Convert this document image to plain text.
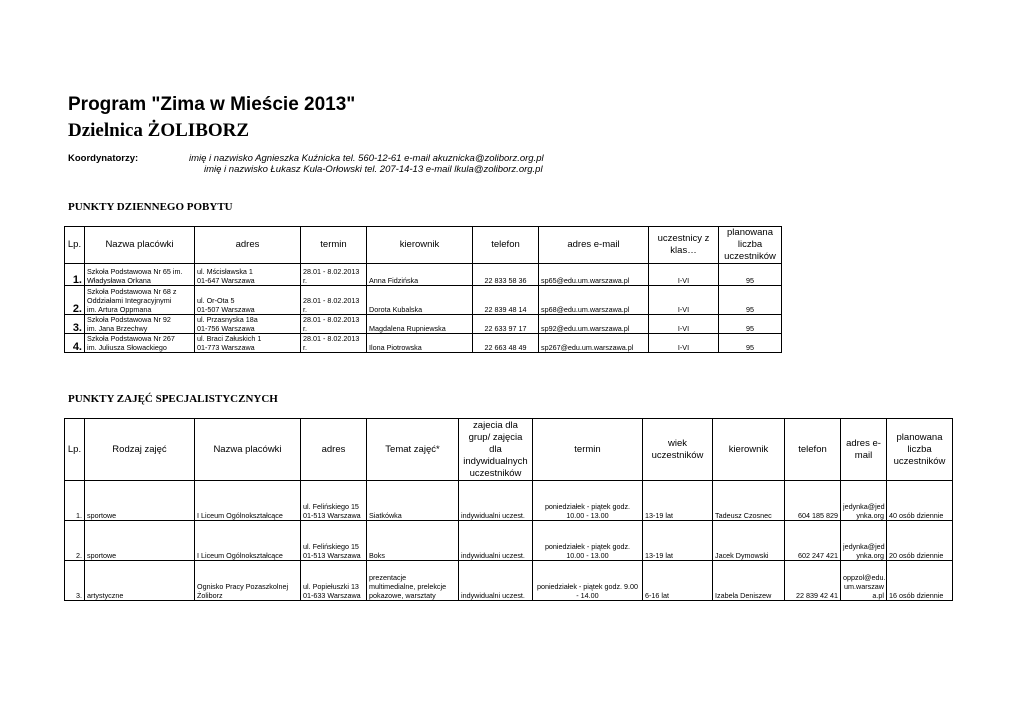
Program "Zima w Mieście 2013"
Dzielnica ŻOLIBORZ
Koordynatorzy:	imię i nazwisko Agnieszka Kuźnicka tel. 560-12-61 e-mail akuznicka@zoliborz.org.pl
imię i nazwisko Łukasz Kula-Orłowski tel. 207-14-13 e-mail lkula@zoliborz.org.pl
PUNKTY DZIENNEGO POBYTU
Lp.	Nazwa placówki	adres	termin	kierownik	telefon	adres e-mail	uczestnicy z klas…	planowana liczba uczestników
1.	Szkoła Podstawowa Nr 65 im.
Władysława Orkana	ul. Mścisławska 1
01-647 Warszawa	28.01 - 8.02.2013
r.	Anna Fidzińska	22 833 58 36	sp65@edu.um.warszawa.pl	I-VI	95
2.	Szkoła Podstawowa Nr 68 z
Oddziałami Integracyjnymi
im. Artura Oppmana	ul. Or-Ota 5
01-507 Warszawa	28.01 - 8.02.2013
r.	Dorota Kubalska	22 839 48 14	sp68@edu.um.warszawa.pl	I-VI	95
3.	Szkoła Podstawowa Nr 92
im. Jana Brzechwy	ul. Przasnyska 18a
01-756 Warszawa	28.01 - 8.02.2013
r.	Magdalena Rupniewska	22 633 97 17	sp92@edu.um.warszawa.pl	I-VI	95
4.	Szkoła Podstawowa Nr 267
im. Juliusza Słowackiego	ul. Braci Załuskich 1
01-773 Warszawa	28.01 - 8.02.2013
r.	Ilona Piotrowska	22 663 48 49	sp267@edu.um.warszawa.pl	I-VI	95
PUNKTY ZAJĘĆ SPECJALISTYCZNYCH
Lp.	Rodzaj zajęć	Nazwa placówki	adres	Temat zajęć*	zajecia dla grup/ zajęcia dla indywidualnych uczestników	termin	wiek uczestników	kierownik	telefon	adres e-mail	planowana liczba uczestników
1.	sportowe	I Liceum Ogólnokształcące	ul. Felińskiego 15
01-513 Warszawa	Siatkówka	indywidualni uczest.	poniedziałek - piątek godz.
10.00 - 13.00	13-19 lat	Tadeusz Czosnec	604 185 829	jedynka@jed
ynka.org	40 osób dziennie
2.	sportowe	I Liceum Ogólnokształcące	ul. Felińskiego 15
01-513 Warszawa	Boks	indywidualni uczest.	poniedziałek - piątek godz.
10.00 - 13.00	13-19 lat	Jacek Dymowski	602 247 421	jedynka@jed
ynka.org	20 osób dziennie
3.	artystyczne	Ognisko Pracy Pozaszkolnej
Żoliborz	ul. Popiełuszki 13
01-633 Warszawa	prezentacje
multimedialne, prelekcje
pokazowe, warsztaty	indywidualni uczest.	poniedziałek - piątek godz. 9.00
- 14.00	6-16 lat	Izabela Deniszew	22 839 42 41	oppzol@edu.
um.warszaw
a.pl	16 osób dziennie
